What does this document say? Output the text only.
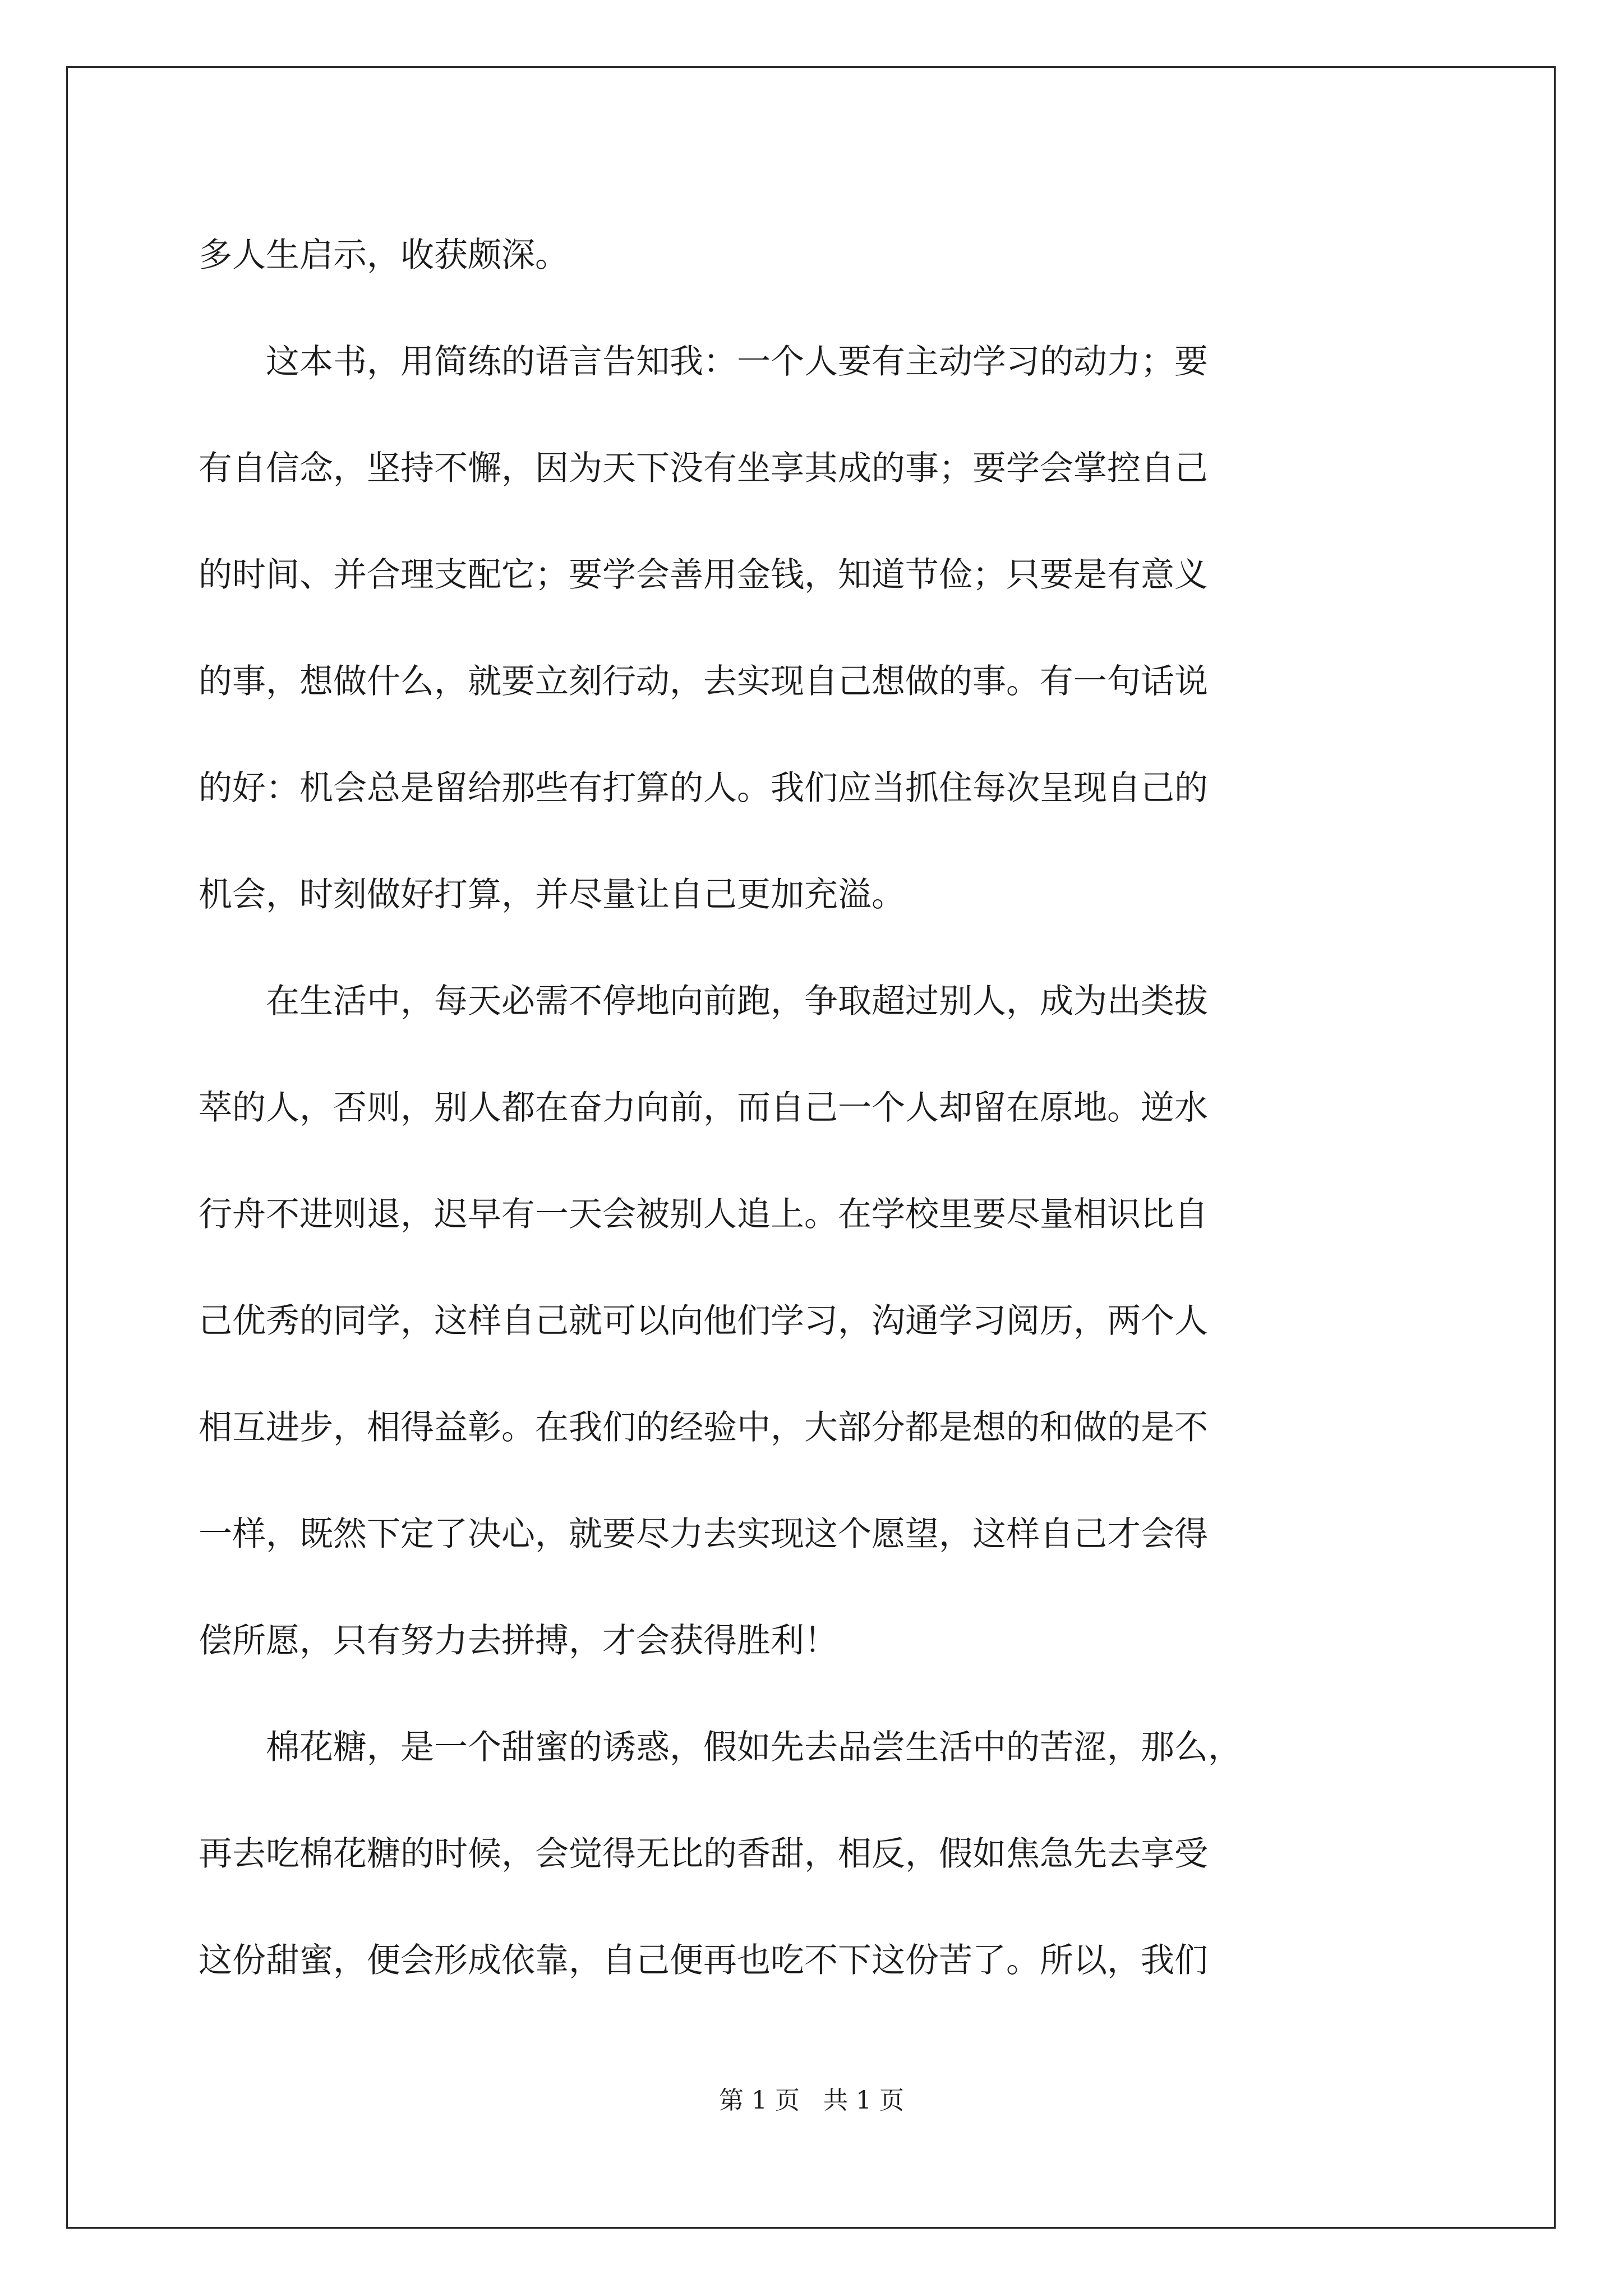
多人生启示，收获颇深。
　　这本书，用简练的语言告知我：一个人要有主动学习的动力；要
有自信念，坚持不懈，因为天下没有坐享其成的事；要学会掌控自己
的时间、并合理支配它；要学会善用金钱，知道节俭；只要是有意义
的事，想做什么，就要立刻行动，去实现自己想做的事。有一句话说
的好：机会总是留给那些有打算的人。我们应当抓住每次呈现自己的
机会，时刻做好打算，并尽量让自己更加充溢。
　　在生活中，每天必需不停地向前跑，争取超过别人，成为出类拔
萃的人，否则，别人都在奋力向前，而自己一个人却留在原地。逆水
行舟不进则退，迟早有一天会被别人追上。在学校里要尽量相识比自
己优秀的同学，这样自己就可以向他们学习，沟通学习阅历，两个人
相互进步，相得益彰。在我们的经验中，大部分都是想的和做的是不
一样，既然下定了决心，就要尽力去实现这个愿望，这样自己才会得
偿所愿，只有努力去拼搏，才会获得胜利！
　　棉花糖，是一个甜蜜的诱惑，假如先去品尝生活中的苦涩，那么，
再去吃棉花糖的时候，会觉得无比的香甜，相反，假如焦急先去享受
这份甜蜜，便会形成依靠，自己便再也吃不下这份苦了。所以，我们
第 1 页   共 1 页
